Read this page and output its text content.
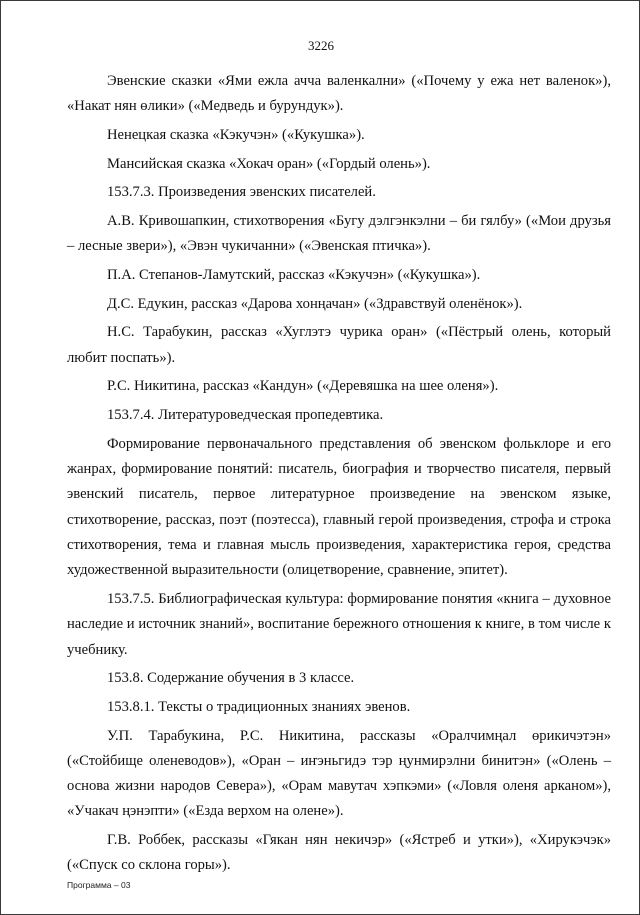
3226

Эвенские сказки «Ями ежла ачча валенкални» («Почему у ежа нет валенок»), «Накат нян өлики» («Медведь и бурундук»).

Ненецкая сказка «Кэкучэн» («Кукушка»).

Мансийская сказка «Хокач оран» («Гордый олень»).

153.7.3. Произведения эвенских писателей.

А.В. Кривошапкин, стихотворения «Бугу дэлгэнкэлни – би гялбу» («Мои друзья – лесные звери»), «Эвэн чукичанни» («Эвенская птичка»).

П.А. Степанов-Ламутский, рассказ «Кэкучэн» («Кукушка»).

Д.С. Едукин, рассказ «Дарова хонңачан» («Здравствуй оленёнок»).

Н.С. Тарабукин, рассказ «Хуглэтэ чурика оран» («Пёстрый олень, который любит поспать»).

Р.С. Никитина, рассказ «Кандун» («Деревяшка на шее оленя»).

153.7.4. Литературоведческая пропедевтика.

Формирование первоначального представления об эвенском фольклоре и его жанрах, формирование понятий: писатель, биография и творчество писателя, первый эвенский писатель, первое литературное произведение на эвенском языке, стихотворение, рассказ, поэт (поэтесса), главный герой произведения, строфа и строка стихотворения, тема и главная мысль произведения, характеристика героя, средства художественной выразительности (олицетворение, сравнение, эпитет).

153.7.5. Библиографическая культура: формирование понятия «книга – духовное наследие и источник знаний», воспитание бережного отношения к книге, в том числе к учебнику.

153.8. Содержание обучения в 3 классе.

153.8.1. Тексты о традиционных знаниях эвенов.

У.П. Тарабукина, Р.С. Никитина, рассказы «Оралчимңал өрикичэтэн» («Стойбище оленеводов»), «Оран – иҥэньгидэ тэр ңунмирэлни бинитэн» («Олень – основа жизни народов Севера»), «Орам мавутач хэпкэми» («Ловля оленя арканом»), «Учакач ңэнэпти» («Езда верхом на олене»).

Г.В. Роббек, рассказы «Гякан нян некичэр» («Ястреб и утки»), «Хирукэчэк» («Спуск со склона горы»).

Программа – 03
